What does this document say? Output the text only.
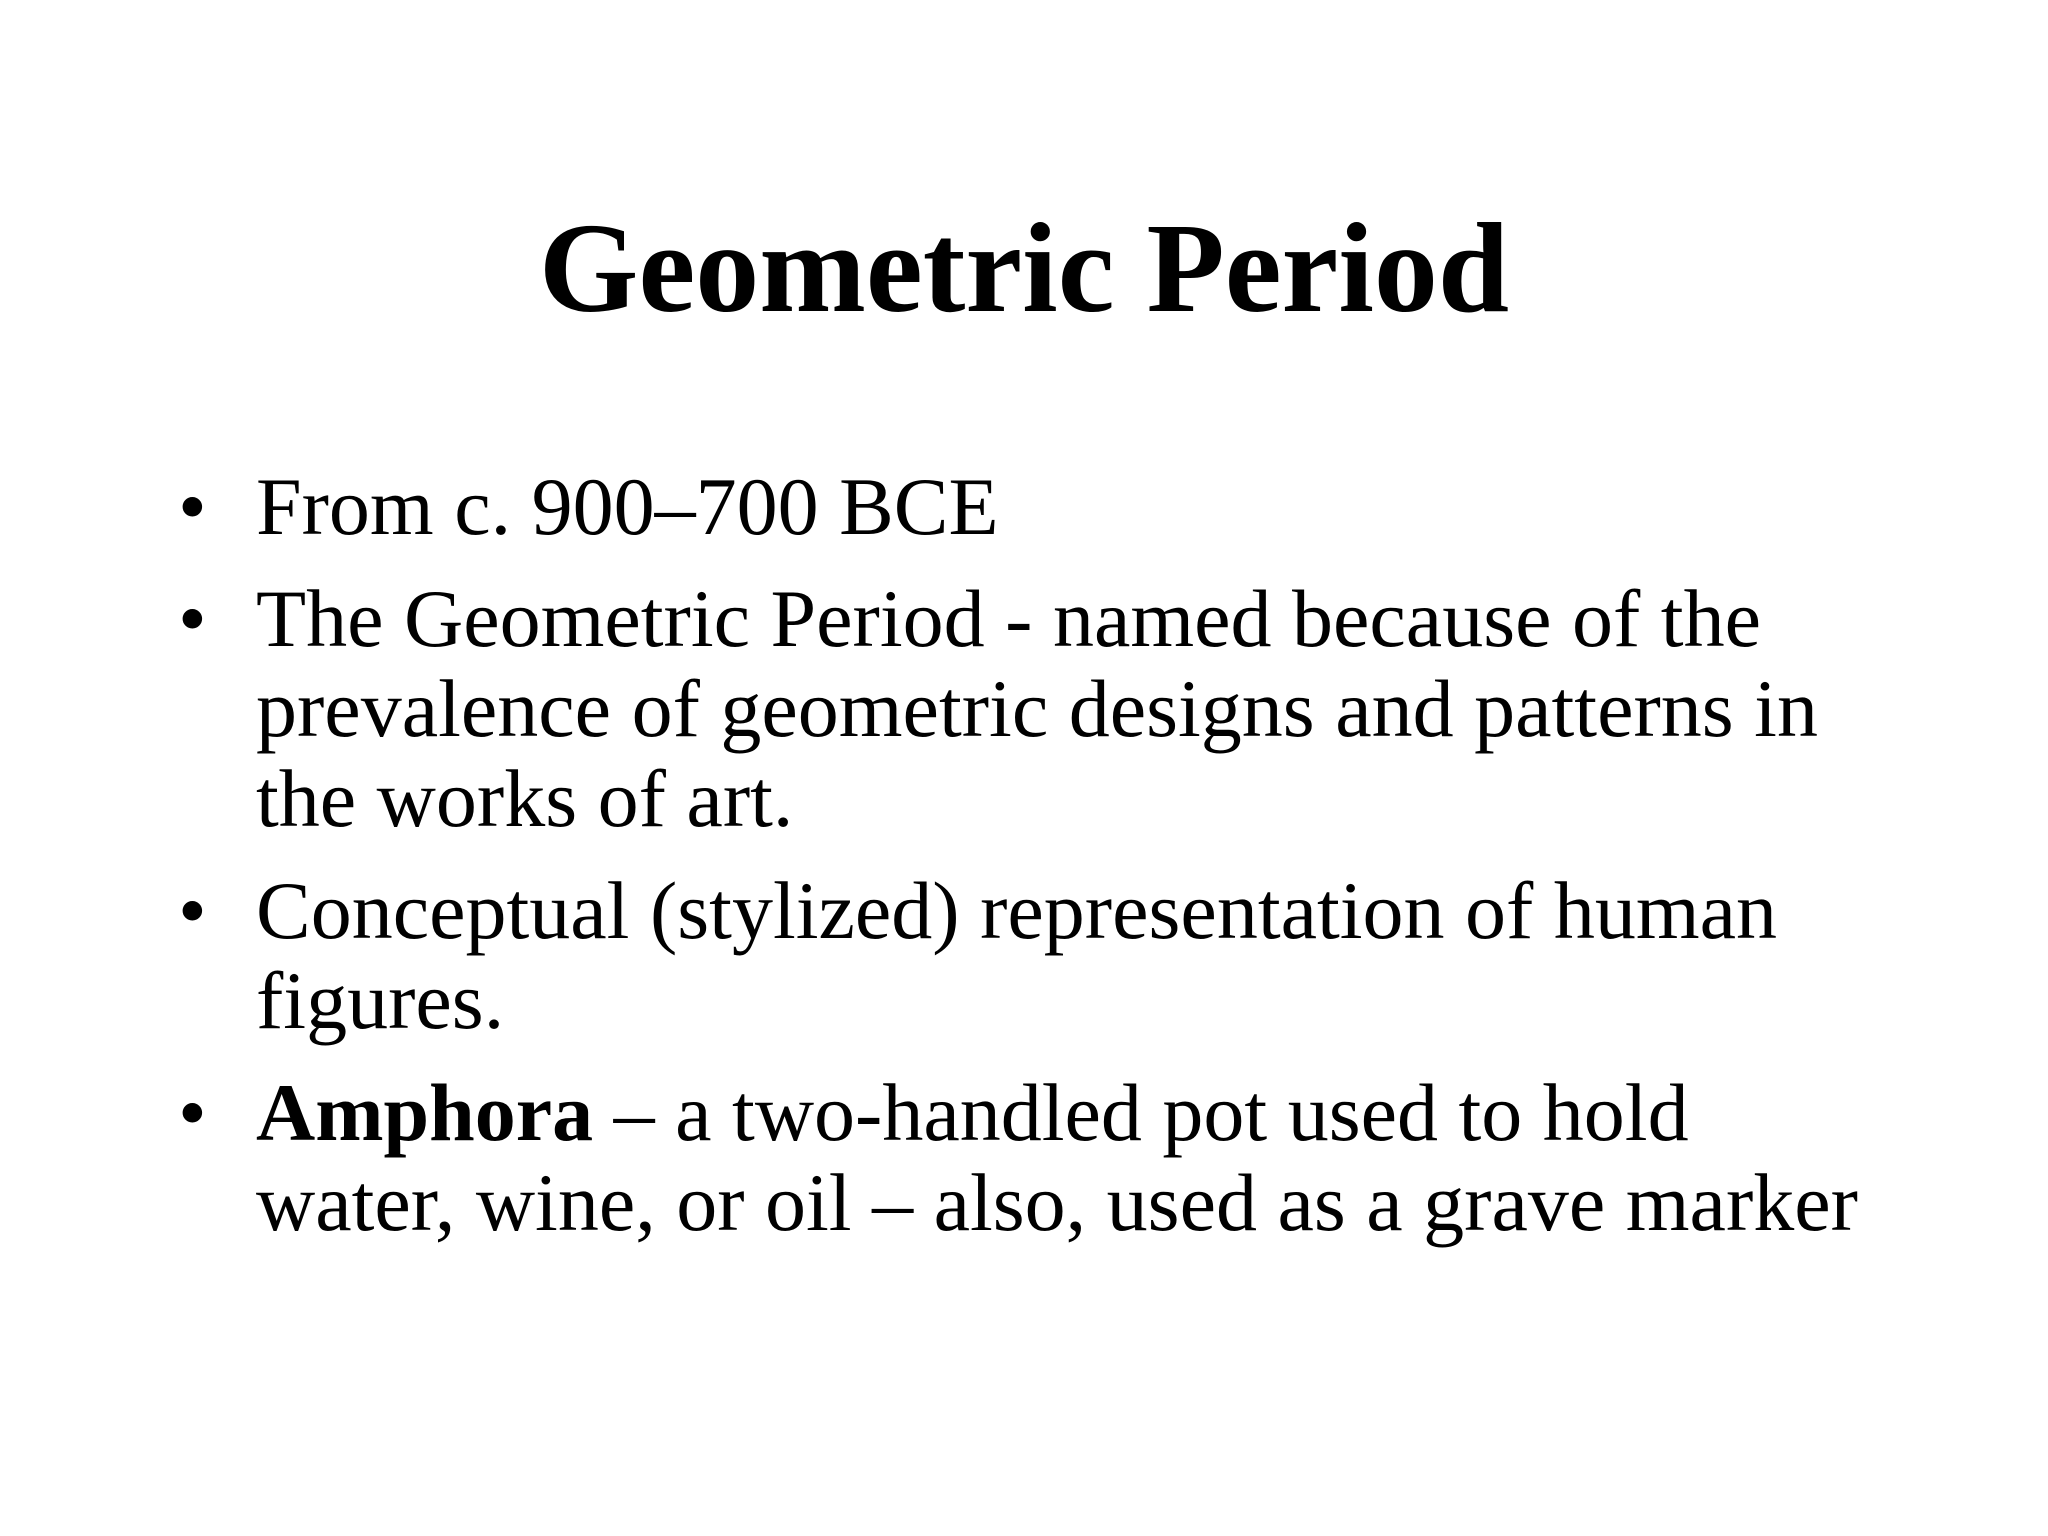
Geometric Period
• From c. 900–700 BCE
• The Geometric Period - named because of the prevalence of geometric designs and patterns in the works of art.
• Conceptual (stylized) representation of human figures.
• Amphora – a two-handled pot used to hold water, wine, or oil – also, used as a grave marker
